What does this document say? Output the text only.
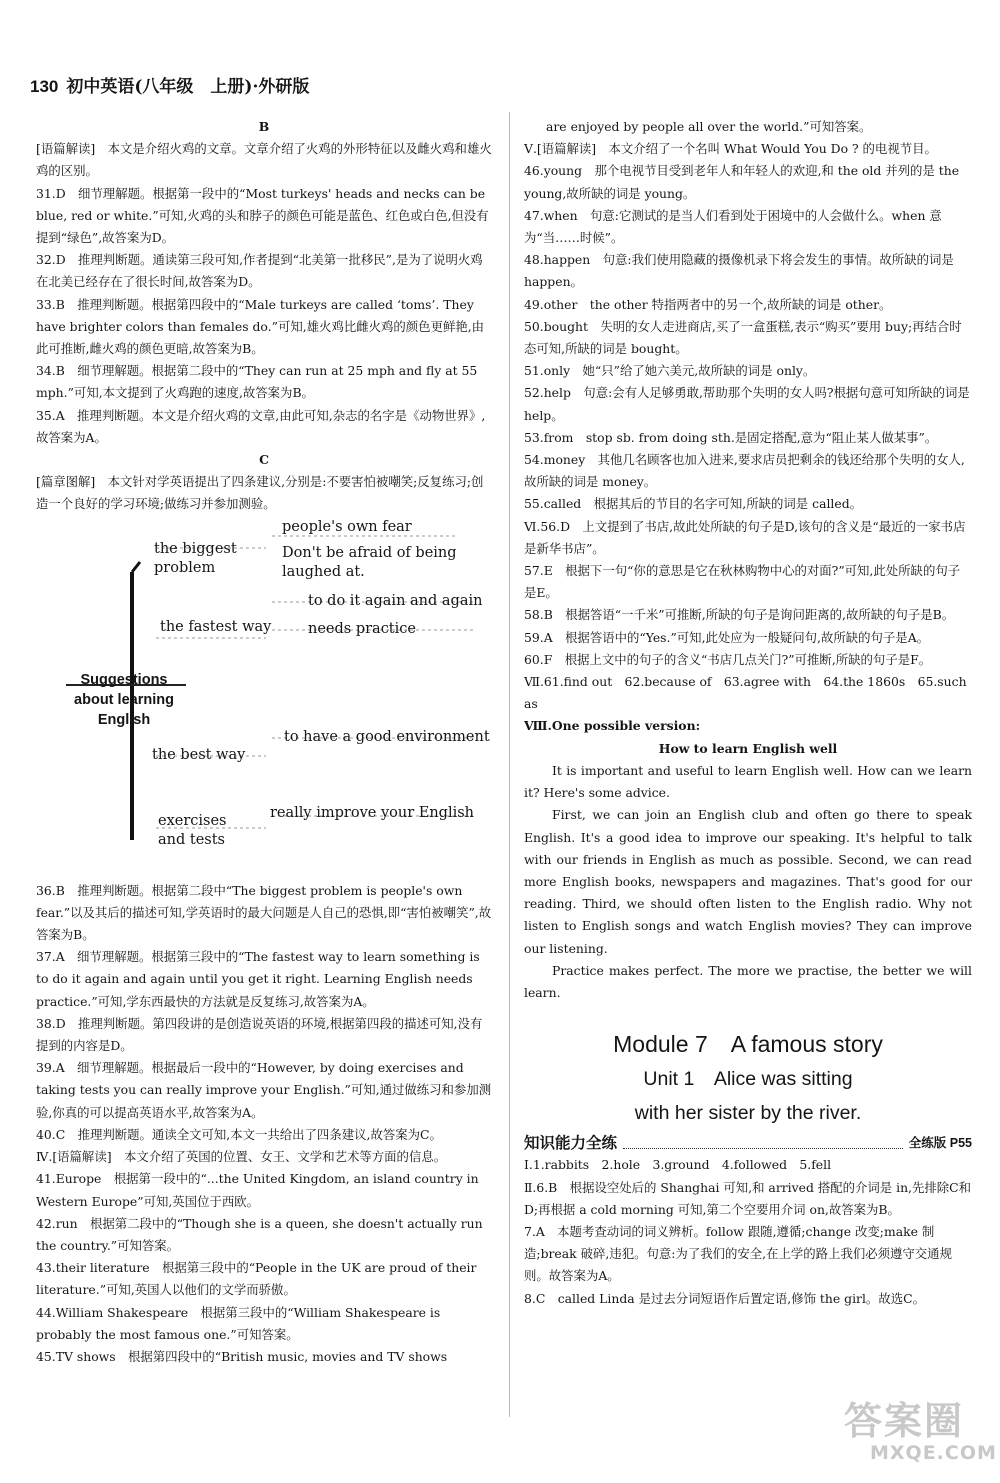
130 初中英语(八年级　上册)·外研版

B

[语篇解读]　本文是介绍火鸡的文章。文章介绍了火鸡的外形特征以及雌火鸡和雄火鸡的区别。

31.D　细节理解题。根据第一段中的“Most turkeys' heads and necks can be blue, red or white.”可知,火鸡的头和脖子的颜色可能是蓝色、红色或白色,但没有提到“绿色”,故答案为D。

32.D　推理判断题。通读第三段可知,作者提到“北美第一批移民”,是为了说明火鸡在北美已经存在了很长时间,故答案为D。

33.B　推理判断题。根据第四段中的“Male turkeys are called ‘toms’. They have brighter colors than females do.”可知,雄火鸡比雌火鸡的颜色更鲜艳,由此可推断,雌火鸡的颜色更暗,故答案为B。

34.B　细节理解题。根据第二段中的“They can run at 25 mph and fly at 55 mph.”可知,本文提到了火鸡跑的速度,故答案为B。

35.A　推理判断题。本文是介绍火鸡的文章,由此可知,杂志的名字是《动物世界》,故答案为A。

C

[篇章图解]　本文针对学英语提出了四条建议,分别是:不要害怕被嘲笑;反复练习;创造一个良好的学习环境;做练习并参加测验。

the biggest
problem
people's own fear
Don't be afraid of being
laughed at.
to do it again and again
the fastest way	needs practice
Suggestions
about learning
English
to have a good environment
the best way
really improve your English
exercises
and tests

36.B　推理判断题。根据第二段中“The biggest problem is people's own fear.”以及其后的描述可知,学英语时的最大问题是人自己的恐惧,即“害怕被嘲笑”,故答案为B。

37.A　细节理解题。根据第三段中的“The fastest way to learn something is to do it again and again until you get it right. Learning English needs practice.”可知,学东西最快的方法就是反复练习,故答案为A。

38.D　推理判断题。第四段讲的是创造说英语的环境,根据第四段的描述可知,没有提到的内容是D。

39.A　细节理解题。根据最后一段中的“However, by doing exercises and taking tests you can really improve your English.”可知,通过做练习和参加测验,你真的可以提高英语水平,故答案为A。

40.C　推理判断题。通读全文可知,本文一共给出了四条建议,故答案为C。

Ⅳ.[语篇解读]　本文介绍了英国的位置、女王、文学和艺术等方面的信息。

41.Europe　根据第一段中的“...the United Kingdom, an island country in Western Europe”可知,英国位于西欧。

42.run　根据第二段中的“Though she is a queen, she doesn't actually run the country.”可知答案。

43.their literature　根据第三段中的“People in the UK are proud of their literature.”可知,英国人以他们的文学而骄傲。

44.William Shakespeare　根据第三段中的“William Shakespeare is probably the most famous one.”可知答案。

45.TV shows　根据第四段中的“British music, movies and TV shows

are enjoyed by people all over the world.”可知答案。

Ⅴ.[语篇解读]　本文介绍了一个名叫 What Would You Do ? 的电视节目。

46.young　那个电视节目受到老年人和年轻人的欢迎,和 the old 并列的是 the young,故所缺的词是 young。

47.when　句意:它测试的是当人们看到处于困境中的人会做什么。when 意为“当……时候”。

48.happen　句意:我们使用隐藏的摄像机录下将会发生的事情。故所缺的词是 happen。

49.other　the other 特指两者中的另一个,故所缺的词是 other。

50.bought　失明的女人走进商店,买了一盒蛋糕,表示“购买”要用 buy;再结合时态可知,所缺的词是 bought。

51.only　她“只”给了她六美元,故所缺的词是 only。

52.help　句意:会有人足够勇敢,帮助那个失明的女人吗?根据句意可知所缺的词是 help。

53.from　stop sb. from doing sth.是固定搭配,意为“阻止某人做某事”。

54.money　其他几名顾客也加入进来,要求店员把剩余的钱还给那个失明的女人,故所缺的词是 money。

55.called　根据其后的节目的名字可知,所缺的词是 called。

Ⅵ.56.D　上文提到了书店,故此处所缺的句子是D,该句的含义是“最近的一家书店是新华书店”。

57.E　根据下一句“你的意思是它在秋林购物中心的对面?”可知,此处所缺的句子是E。

58.B　根据答语“一千米”可推断,所缺的句子是询问距离的,故所缺的句子是B。

59.A　根据答语中的“Yes.”可知,此处应为一般疑问句,故所缺的句子是A。

60.F　根据上文中的句子的含义“书店几点关门?”可推断,所缺的句子是F。

Ⅶ.61.find out　62.because of　63.agree with　64.the 1860s　65.such as

Ⅷ.One possible version:

How to learn English well

It is important and useful to learn English well. How can we learn it? Here's some advice.

First, we can join an English club and often go there to speak English. It's a good idea to improve our speaking. It's helpful to talk with our friends in English as much as possible. Second, we can read more English books, newspapers and magazines. That's good for our reading. Third, we should often listen to the English radio. Why not listen to English songs and watch English movies? They can improve our listening.

Practice makes perfect. The more we practise, the better we will learn.

Module 7　A famous story

Unit 1　Alice was sitting

with her sister by the river.

知识能力全练	全练版 P55

Ⅰ.1.rabbits　2.hole　3.ground　4.followed　5.fell

Ⅱ.6.B　根据设空处后的 Shanghai 可知,和 arrived 搭配的介词是 in,先排除C和D;再根据 a cold morning 可知,第二个空要用介词 on,故答案为B。

7.A　本题考查动词的词义辨析。follow 跟随,遵循;change 改变;make 制造;break 破碎,违犯。句意:为了我们的安全,在上学的路上我们必须遵守交通规则。故答案为A。

8.C　called Linda 是过去分词短语作后置定语,修饰 the girl。故选C。

答案圈
MXQE.COM
